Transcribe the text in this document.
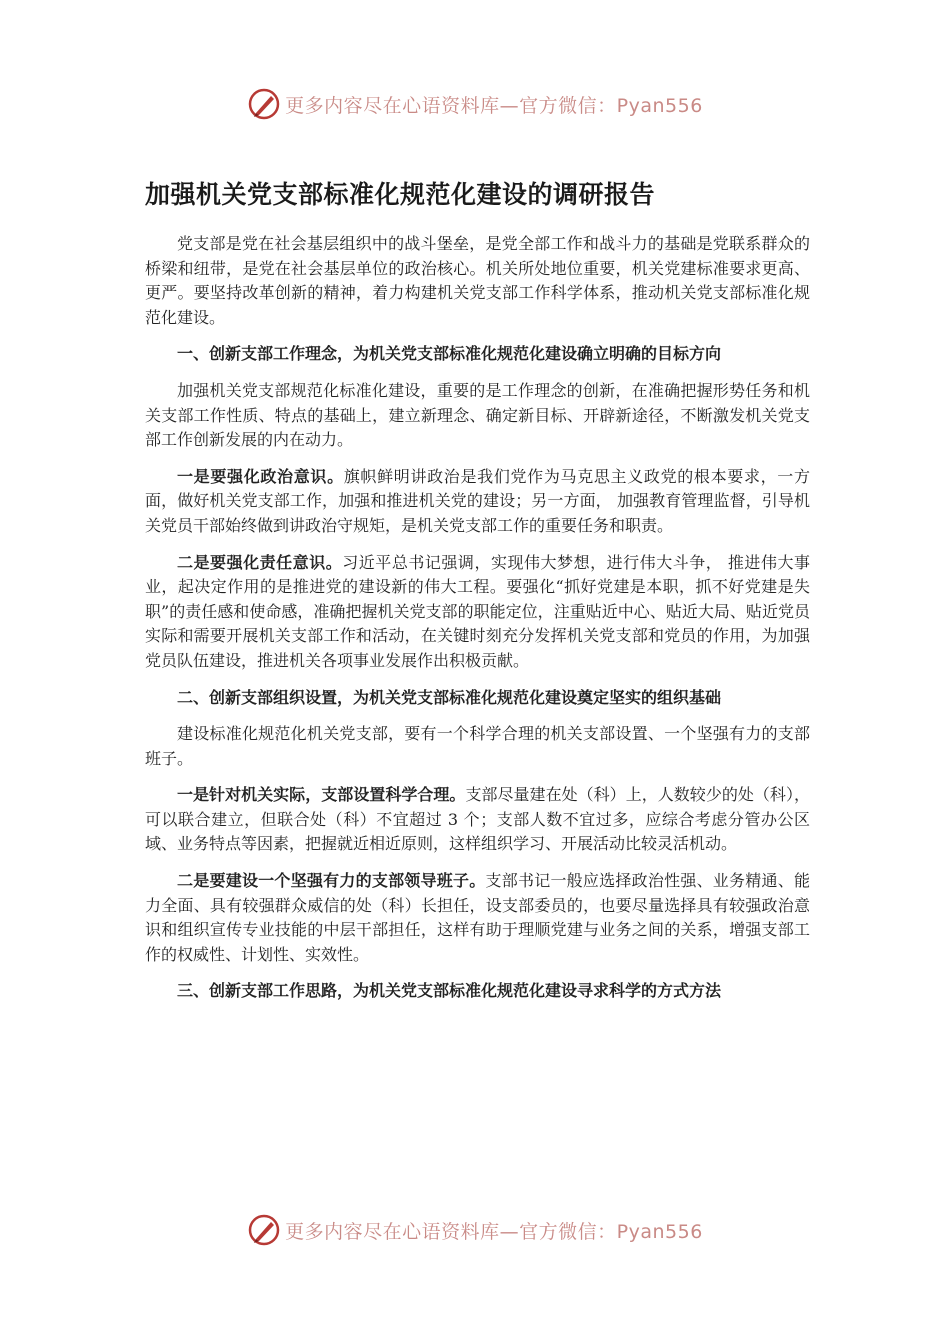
更多内容尽在心语资料库—官方微信：Pyan556
加强机关党支部标准化规范化建设的调研报告

党支部是党在社会基层组织中的战斗堡垒，是党全部工作和战斗力的基础是党联系群众的桥梁和纽带，是党在社会基层单位的政治核心。机关所处地位重要，机关党建标准要求更高、更严。要坚持改革创新的精神，着力构建机关党支部工作科学体系，推动机关党支部标准化规范化建设。

一、创新支部工作理念，为机关党支部标准化规范化建设确立明确的目标方向

加强机关党支部规范化标准化建设，重要的是工作理念的创新，在准确把握形势任务和机关支部工作性质、特点的基础上，建立新理念、确定新目标、开辟新途径，不断激发机关党支部工作创新发展的内在动力。

一是要强化政治意识。旗帜鲜明讲政治是我们党作为马克思主义政党的根本要求，一方面，做好机关党支部工作，加强和推进机关党的建设；另一方面， 加强教育管理监督，引导机关党员干部始终做到讲政治守规矩，是机关党支部工作的重要任务和职责。

二是要强化责任意识。习近平总书记强调，实现伟大梦想，进行伟大斗争， 推进伟大事业，起决定作用的是推进党的建设新的伟大工程。要强化“抓好党建是本职，抓不好党建是失职”的责任感和使命感，准确把握机关党支部的职能定位，注重贴近中心、贴近大局、贴近党员实际和需要开展机关支部工作和活动，在关键时刻充分发挥机关党支部和党员的作用，为加强党员队伍建设，推进机关各项事业发展作出积极贡献。

二、创新支部组织设置，为机关党支部标准化规范化建设奠定坚实的组织基础

建设标准化规范化机关党支部，要有一个科学合理的机关支部设置、一个坚强有力的支部班子。

一是针对机关实际，支部设置科学合理。支部尽量建在处（科）上，人数较少的处（科），可以联合建立，但联合处（科）不宜超过 3 个；支部人数不宜过多，应综合考虑分管办公区域、业务特点等因素，把握就近相近原则，这样组织学习、开展活动比较灵活机动。

二是要建设一个坚强有力的支部领导班子。支部书记一般应选择政治性强、业务精通、能力全面、具有较强群众威信的处（科）长担任，设支部委员的，也要尽量选择具有较强政治意识和组织宣传专业技能的中层干部担任，这样有助于理顺党建与业务之间的关系，增强支部工作的权威性、计划性、实效性。

三、创新支部工作思路，为机关党支部标准化规范化建设寻求科学的方式方法

更多内容尽在心语资料库—官方微信：Pyan556
